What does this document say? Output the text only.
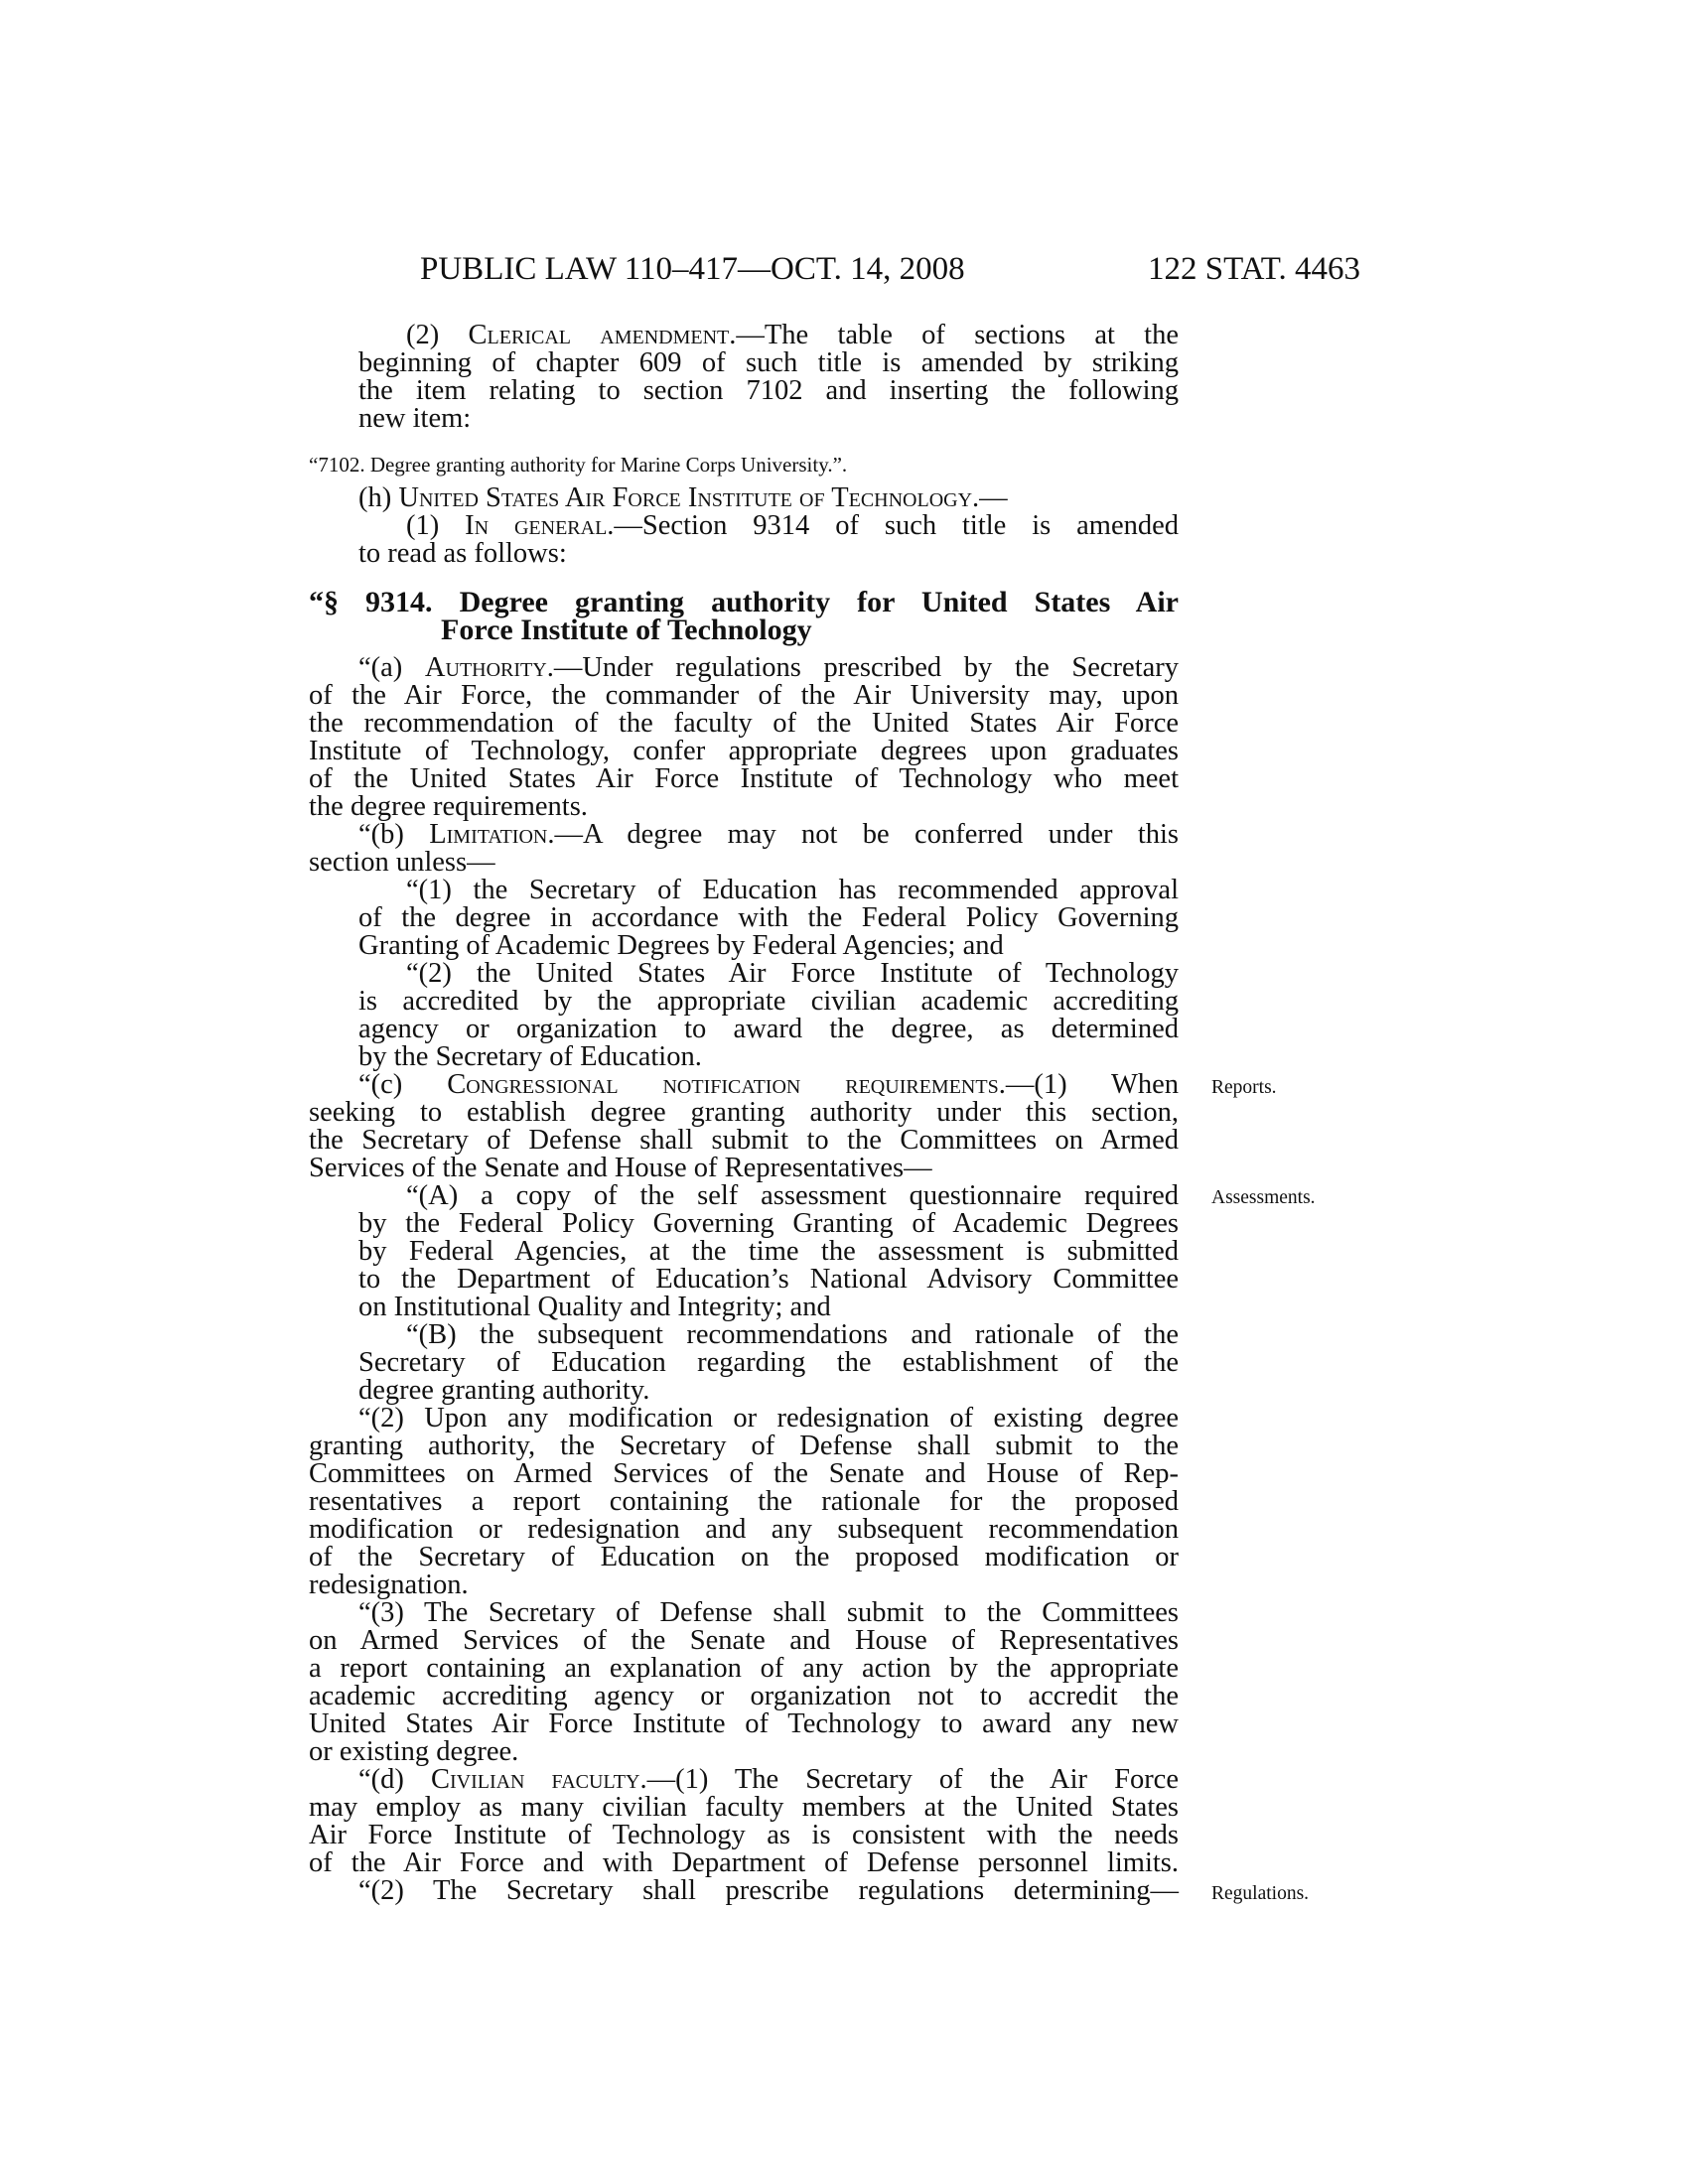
PUBLIC LAW 110–417—OCT. 14, 2008	122 STAT. 4463
(2) Clerical amendment.—The table of sections at the
beginning of chapter 609 of such title is amended by striking
the item relating to section 7102 and inserting the following
new item:
“7102. Degree granting authority for Marine Corps University.”.
(h) United States Air Force Institute of Technology.—
(1) In general.—Section 9314 of such title is amended
to read as follows:
“§ 9314. Degree granting authority for United States Air
Force Institute of Technology
“(a) Authority.—Under regulations prescribed by the Secretary
of the Air Force, the commander of the Air University may, upon
the recommendation of the faculty of the United States Air Force
Institute of Technology, confer appropriate degrees upon graduates
of the United States Air Force Institute of Technology who meet
the degree requirements.
“(b) Limitation.—A degree may not be conferred under this
section unless—
“(1) the Secretary of Education has recommended approval
of the degree in accordance with the Federal Policy Governing
Granting of Academic Degrees by Federal Agencies; and
“(2) the United States Air Force Institute of Technology
is accredited by the appropriate civilian academic accrediting
agency or organization to award the degree, as determined
by the Secretary of Education.
“(c) Congressional notification requirements.—(1) When
seeking to establish degree granting authority under this section,
the Secretary of Defense shall submit to the Committees on Armed
Services of the Senate and House of Representatives—
“(A) a copy of the self assessment questionnaire required
by the Federal Policy Governing Granting of Academic Degrees
by Federal Agencies, at the time the assessment is submitted
to the Department of Education’s National Advisory Committee
on Institutional Quality and Integrity; and
“(B) the subsequent recommendations and rationale of the
Secretary of Education regarding the establishment of the
degree granting authority.
“(2) Upon any modification or redesignation of existing degree
granting authority, the Secretary of Defense shall submit to the
Committees on Armed Services of the Senate and House of Rep-
resentatives a report containing the rationale for the proposed
modification or redesignation and any subsequent recommendation
of the Secretary of Education on the proposed modification or
redesignation.
“(3) The Secretary of Defense shall submit to the Committees
on Armed Services of the Senate and House of Representatives
a report containing an explanation of any action by the appropriate
academic accrediting agency or organization not to accredit the
United States Air Force Institute of Technology to award any new
or existing degree.
“(d) Civilian faculty.—(1) The Secretary of the Air Force
may employ as many civilian faculty members at the United States
Air Force Institute of Technology as is consistent with the needs
of the Air Force and with Department of Defense personnel limits.
“(2) The Secretary shall prescribe regulations determining—
Reports.
Assessments.
Regulations.
